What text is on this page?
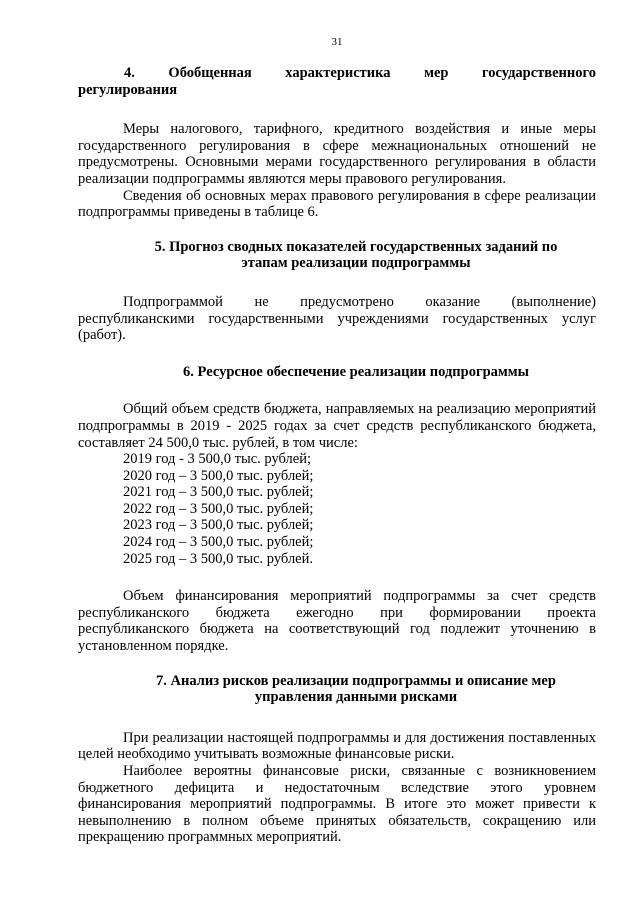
31
4. Обобщенная характеристика мер государственного
регулирования

Меры налогового, тарифного, кредитного воздействия и иные меры государственного регулирования в сфере межнациональных отношений не предусмотрены. Основными мерами государственного регулирования в области реализации подпрограммы являются меры правового регулирования.

Сведения об основных мерах правового регулирования в сфере реализации подпрограммы приведены в таблице 6.

5. Прогноз сводных показателей государственных заданий по
этапам реализации подпрограммы

Подпрограммой не предусмотрено оказание (выполнение) республиканскими государственными учреждениями государственных услуг (работ).

6. Ресурсное обеспечение реализации подпрограммы

Общий объем средств бюджета, направляемых на реализацию мероприятий подпрограммы в 2019 - 2025 годах за счет средств республиканского бюджета, составляет 24 500,0 тыс. рублей, в том числе:

2019 год - 3 500,0 тыс. рублей;
2020 год – 3 500,0 тыс. рублей;
2021 год – 3 500,0 тыс. рублей;
2022 год – 3 500,0 тыс. рублей;
2023 год – 3 500,0 тыс. рублей;
2024 год – 3 500,0 тыс. рублей;
2025 год – 3 500,0 тыс. рублей.

Объем финансирования мероприятий подпрограммы за счет средств республиканского бюджета ежегодно при формировании проекта республиканского бюджета на соответствующий год подлежит уточнению в установленном порядке.

7. Анализ рисков реализации подпрограммы и описание мер
управления данными рисками

При реализации настоящей подпрограммы и для достижения поставленных целей необходимо учитывать возможные финансовые риски.

Наиболее вероятны финансовые риски, связанные с возникновением бюджетного дефицита и недостаточным вследствие этого уровнем финансирования мероприятий подпрограммы. В итоге это может привести к невыполнению в полном объеме принятых обязательств, сокращению или прекращению программных мероприятий.
